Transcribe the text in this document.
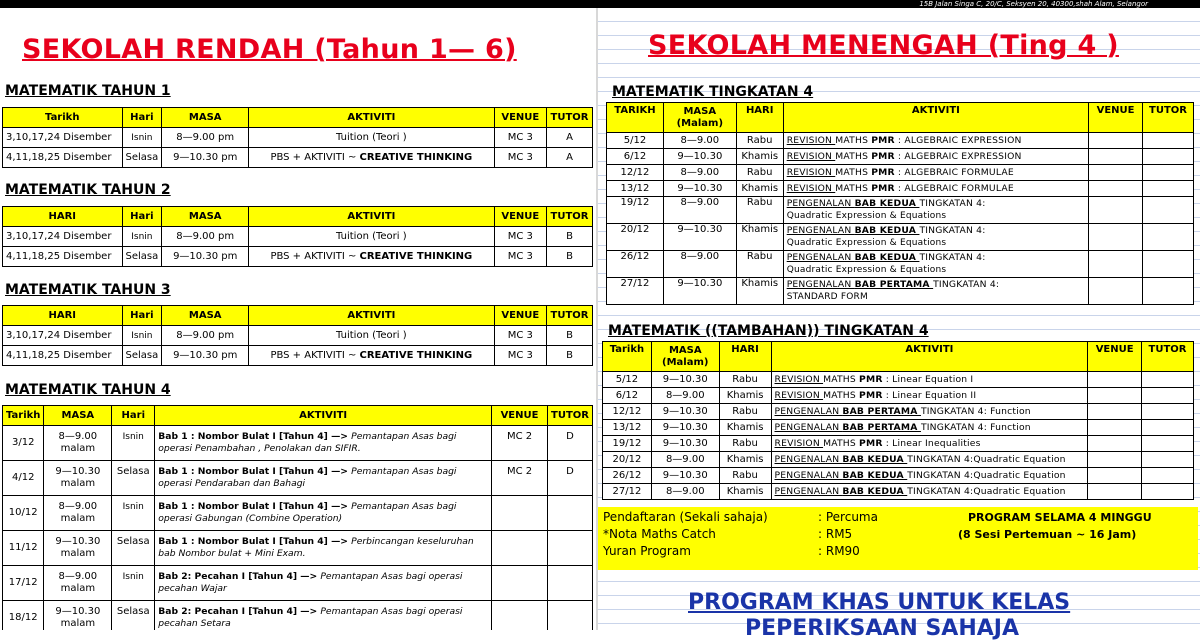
15B Jalan Singa C, 20/C, Seksyen 20, 40300,shah Alam, Selangor
SEKOLAH RENDAH (Tahun 1— 6)
MATEMATIK TAHUN 1
Tarikh	Hari	MASA	AKTIVITI	VENUE	TUTOR
3,10,17,24 Disember	Isnin	8—9.00 pm	Tuition (Teori )	MC 3	A
4,11,18,25 Disember	Selasa	9—10.30 pm	PBS + AKTIVITI ~ CREATIVE THINKING	MC 3	A
MATEMATIK TAHUN 2
HARI	Hari	MASA	AKTIVITI	VENUE	TUTOR
3,10,17,24 Disember	Isnin	8—9.00 pm	Tuition (Teori )	MC 3	B
4,11,18,25 Disember	Selasa	9—10.30 pm	PBS + AKTIVITI ~ CREATIVE THINKING	MC 3	B
MATEMATIK TAHUN 3
HARI	Hari	MASA	AKTIVITI	VENUE	TUTOR
3,10,17,24 Disember	Isnin	8—9.00 pm	Tuition (Teori )	MC 3	B
4,11,18,25 Disember	Selasa	9—10.30 pm	PBS + AKTIVITI ~ CREATIVE THINKING	MC 3	B
MATEMATIK TAHUN 4
Tarikh	MASA	Hari	AKTIVITI	VENUE	TUTOR
3/12	8—9.00
malam	Isnin	Bab 1 : Nombor Bulat I [Tahun 4] —> Pemantapan Asas bagi operasi Penambahan , Penolakan dan SIFIR.	MC 2	D
4/12	9—10.30
malam	Selasa	Bab 1 : Nombor Bulat I [Tahun 4] —> Pemantapan Asas bagi operasi Pendaraban dan Bahagi	MC 2	D
10/12	8—9.00
malam	Isnin	Bab 1 : Nombor Bulat I [Tahun 4] —> Pemantapan Asas bagi operasi Gabungan (Combine Operation)		
11/12	9—10.30
malam	Selasa	Bab 1 : Nombor Bulat I [Tahun 4] —> Perbincangan keseluruhan bab Nombor bulat + Mini Exam.		
17/12	8—9.00
malam	Isnin	Bab 2: Pecahan I [Tahun 4] —> Pemantapan Asas bagi operasi pecahan Wajar		
18/12	9—10.30
malam	Selasa	Bab 2: Pecahan I [Tahun 4] —> Pemantapan Asas bagi operasi pecahan Setara		
SEKOLAH MENENGAH (Ting 4 )
MATEMATIK TINGKATAN 4
TARIKH	MASA
(Malam)	HARI	AKTIVITI	VENUE	TUTOR
5/12	8—9.00	Rabu	REVISION MATHS PMR : ALGEBRAIC EXPRESSION		
6/12	9—10.30	Khamis	REVISION MATHS PMR : ALGEBRAIC EXPRESSION		
12/12	8—9.00	Rabu	REVISION MATHS PMR : ALGEBRAIC FORMULAE		
13/12	9—10.30	Khamis	REVISION MATHS PMR : ALGEBRAIC FORMULAE		
19/12	8—9.00	Rabu	PENGENALAN BAB KEDUA TINGKATAN 4:
Quadratic Expression & Equations		

20/12	9—10.30	Khamis	PENGENALAN BAB KEDUA TINGKATAN 4:
Quadratic Expression & Equations		

26/12	8—9.00	Rabu	PENGENALAN BAB KEDUA TINGKATAN 4:
Quadratic Expression & Equations		

27/12	9—10.30	Khamis	PENGENALAN BAB PERTAMA TINGKATAN 4:
STANDARD FORM		

MATEMATIK ((TAMBAHAN)) TINGKATAN 4
Tarikh	MASA
(Malam)	HARI	AKTIVITI	VENUE	TUTOR
5/12	9—10.30	Rabu	REVISION MATHS PMR : Linear Equation I		
6/12	8—9.00	Khamis	REVISION MATHS PMR : Linear Equation II		
12/12	9—10.30	Rabu	PENGENALAN BAB PERTAMA TINGKATAN 4: Function		
13/12	9—10.30	Khamis	PENGENALAN BAB PERTAMA TINGKATAN 4: Function		
19/12	9—10.30	Rabu	REVISION MATHS PMR : Linear Inequalities		
20/12	8—9.00	Khamis	PENGENALAN BAB KEDUA TINGKATAN 4:Quadratic Equation		
26/12	9—10.30	Rabu	PENGENALAN BAB KEDUA TINGKATAN 4:Quadratic Equation		
27/12	8—9.00	Khamis	PENGENALAN BAB KEDUA TINGKATAN 4:Quadratic Equation		
Pendaftaran (Sekali sahaja)	: Percuma
*Nota Maths Catch	: RM5
Yuran Program	: RM90
PROGRAM SELAMA 4 MINGGU
(8 Sesi Pertemuan ~ 16 Jam)
PROGRAM KHAS UNTUK KELAS
PEPERIKSAAN SAHAJA
